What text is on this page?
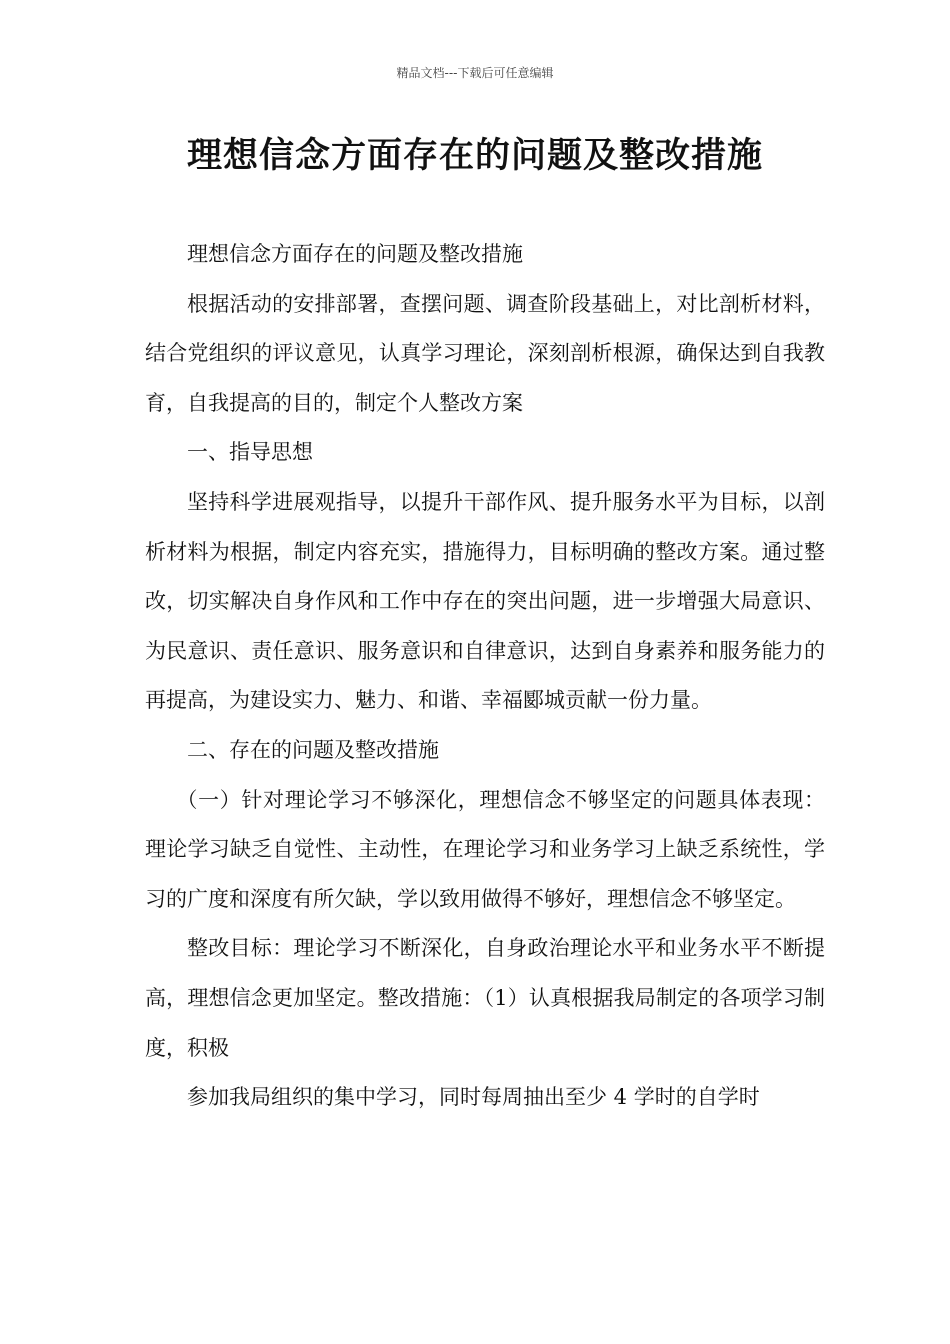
精品文档---下载后可任意编辑
理想信念方面存在的问题及整改措施

理想信念方面存在的问题及整改措施

根据活动的安排部署，查摆问题、调查阶段基础上，对比剖析材料，结合党组织的评议意见，认真学习理论，深刻剖析根源，确保达到自我教育，自我提高的目的，制定个人整改方案

一、指导思想

坚持科学进展观指导，以提升干部作风、提升服务水平为目标，以剖析材料为根据，制定内容充实，措施得力，目标明确的整改方案。通过整改，切实解决自身作风和工作中存在的突出问题，进一步增强大局意识、为民意识、责任意识、服务意识和自律意识，达到自身素养和服务能力的再提高，为建设实力、魅力、和谐、幸福郾城贡献一份力量。

二、存在的问题及整改措施

（一）针对理论学习不够深化，理想信念不够坚定的问题具体表现：理论学习缺乏自觉性、主动性，在理论学习和业务学习上缺乏系统性，学习的广度和深度有所欠缺，学以致用做得不够好，理想信念不够坚定。

整改目标：理论学习不断深化，自身政治理论水平和业务水平不断提高，理想信念更加坚定。整改措施：（1）认真根据我局制定的各项学习制度，积极

参加我局组织的集中学习，同时每周抽出至少 4 学时的自学时
